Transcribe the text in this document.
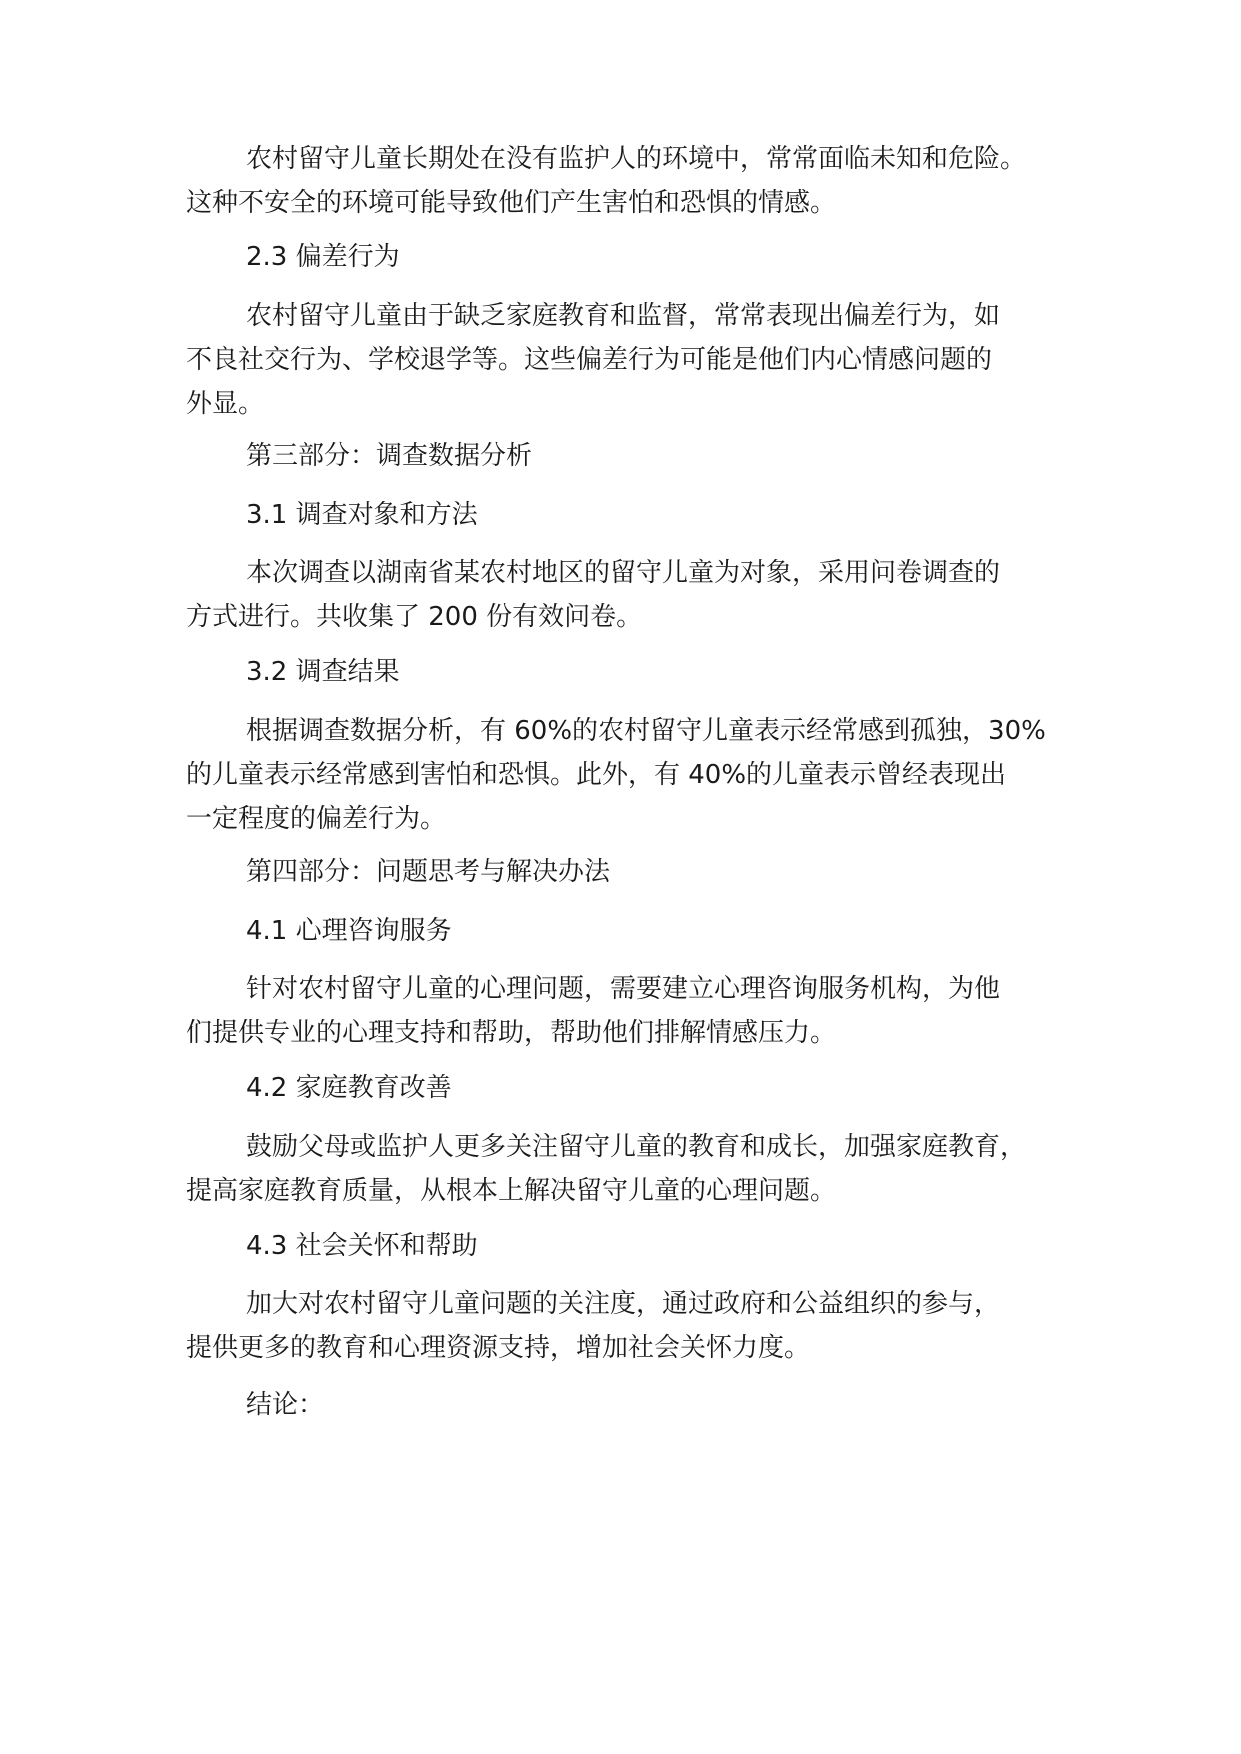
农村留守儿童长期处在没有监护人的环境中，常常面临未知和危险。
这种不安全的环境可能导致他们产生害怕和恐惧的情感。
2.3 偏差行为
农村留守儿童由于缺乏家庭教育和监督，常常表现出偏差行为，如
不良社交行为、学校退学等。这些偏差行为可能是他们内心情感问题的
外显。
第三部分：调查数据分析
3.1 调查对象和方法
本次调查以湖南省某农村地区的留守儿童为对象，采用问卷调查的
方式进行。共收集了 200 份有效问卷。
3.2 调查结果
根据调查数据分析，有 60%的农村留守儿童表示经常感到孤独，30%
的儿童表示经常感到害怕和恐惧。此外，有 40%的儿童表示曾经表现出
一定程度的偏差行为。
第四部分：问题思考与解决办法
4.1 心理咨询服务
针对农村留守儿童的心理问题，需要建立心理咨询服务机构，为他
们提供专业的心理支持和帮助，帮助他们排解情感压力。
4.2 家庭教育改善
鼓励父母或监护人更多关注留守儿童的教育和成长，加强家庭教育，
提高家庭教育质量，从根本上解决留守儿童的心理问题。
4.3 社会关怀和帮助
加大对农村留守儿童问题的关注度，通过政府和公益组织的参与，
提供更多的教育和心理资源支持，增加社会关怀力度。
结论：
